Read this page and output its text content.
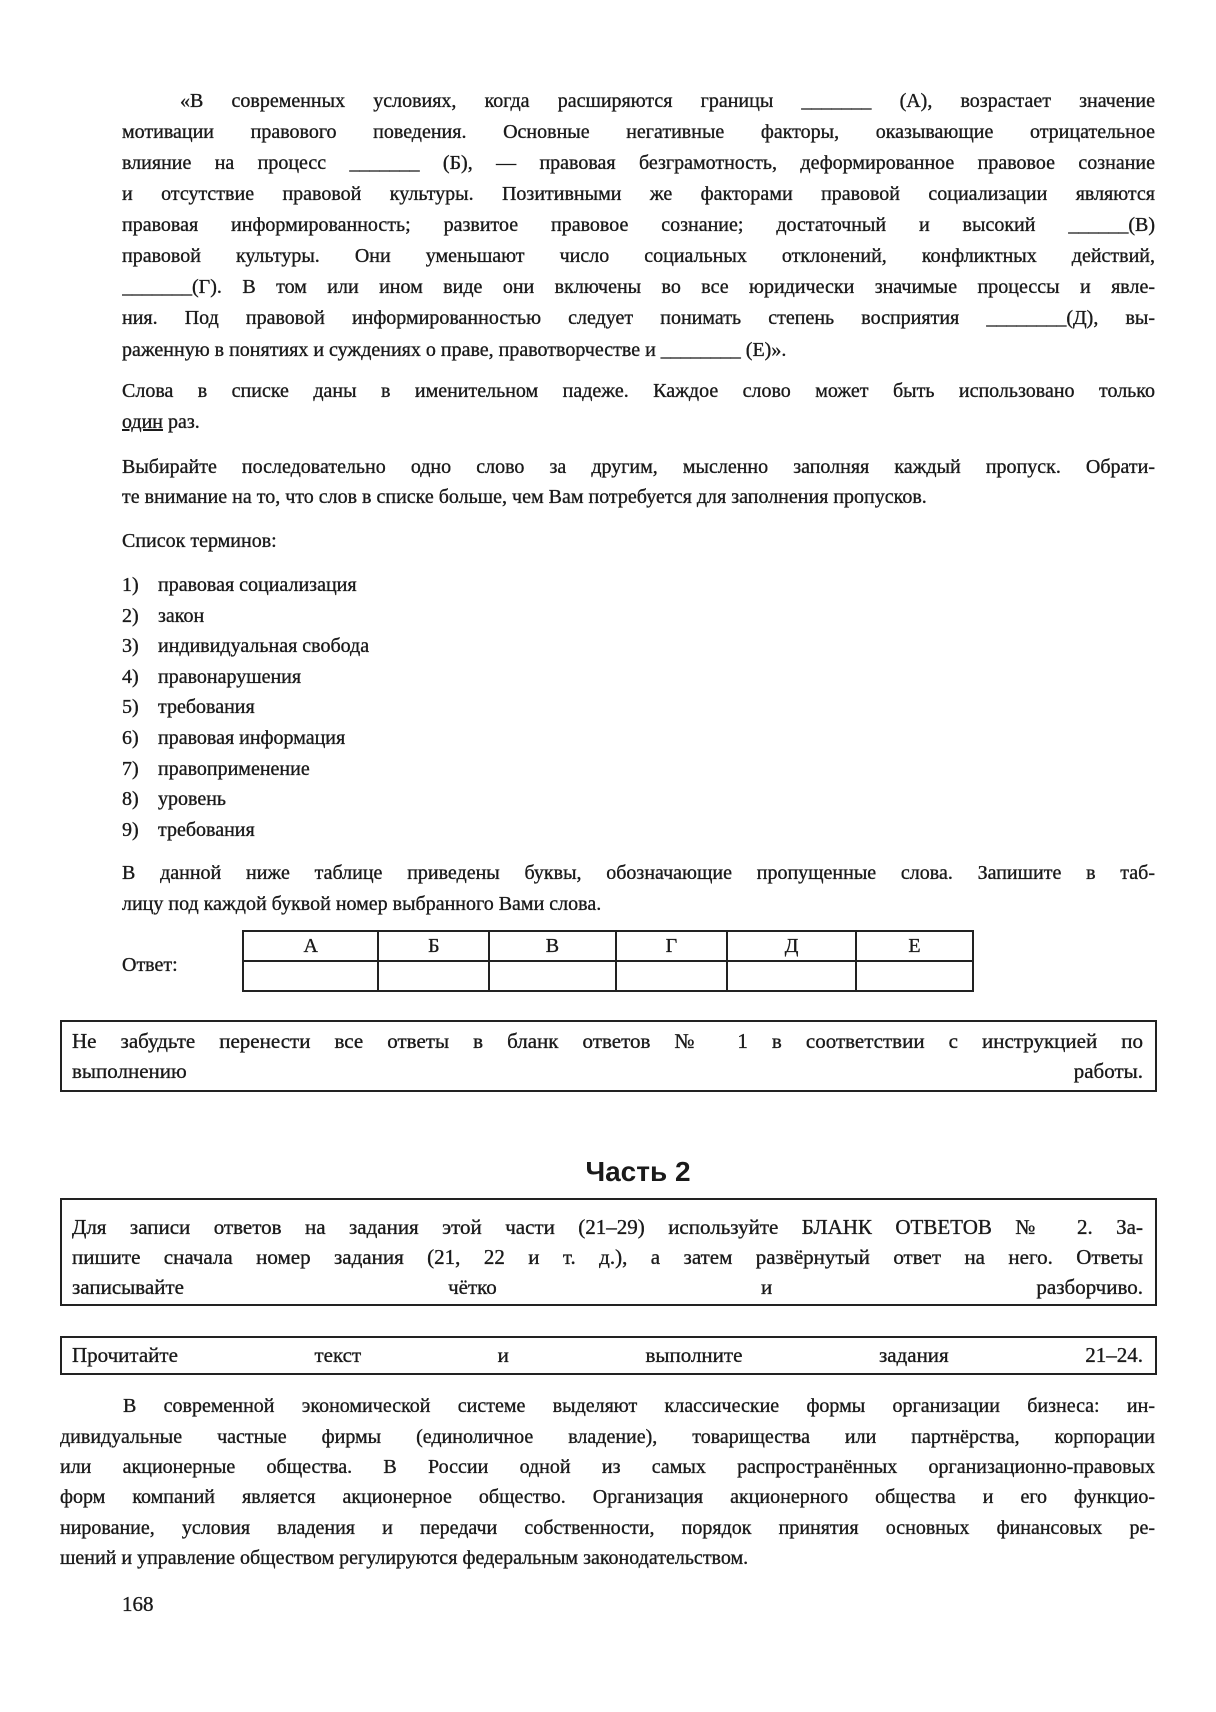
«В современных условиях, когда расширяются границы _______ (А), возрастает значение
мотивации правового поведения. Основные негативные факторы, оказывающие отрицательное
влияние на процесс _______ (Б), — правовая безграмотность, деформированное правовое сознание
и отсутствие правовой культуры. Позитивными же факторами правовой социализации являются
правовая информированность; развитое правовое сознание; достаточный и высокий ______(В)
правовой культуры. Они уменьшают число социальных отклонений, конфликтных действий,
_______(Г). В том или ином виде они включены во все юридически значимые процессы и явле-
ния. Под правовой информированностью следует понимать степень восприятия ________(Д), вы-
раженную в понятиях и суждениях о праве, правотворчестве и ________ (Е)».
Слова в списке даны в именительном падеже. Каждое слово может быть использовано только
один раз.
Выбирайте последовательно одно слово за другим, мысленно заполняя каждый пропуск. Обрати-
те внимание на то, что слов в списке больше, чем Вам потребуется для заполнения пропусков.
Список терминов:
1) правовая социализация
2) закон
3) индивидуальная свобода
4) правонарушения
5) требования
6) правовая информация
7) правоприменение
8) уровень
9) требования
В данной ниже таблице приведены буквы, обозначающие пропущенные слова. Запишите в таб-
лицу под каждой буквой номер выбранного Вами слова.
Ответ:
А	Б	В	Г	Д	Е

Не забудьте перенести все ответы в бланк ответов № 1 в соответствии с инструкцией по
выполнению работы.
Часть 2
Для записи ответов на задания этой части (21–29) используйте БЛАНК ОТВЕТОВ № 2. За-
пишите сначала номер задания (21, 22 и т. д.), а затем развёрнутый ответ на него. Ответы
записывайте чётко и разборчиво.
Прочитайте текст и выполните задания 21–24.
В современной экономической системе выделяют классические формы организации бизнеса: ин-
дивидуальные частные фирмы (единоличное владение), товарищества или партнёрства, корпорации
или акционерные общества. В России одной из самых распространённых организационно-правовых
форм компаний является акционерное общество. Организация акционерного общества и его функцио-
нирование, условия владения и передачи собственности, порядок принятия основных финансовых ре-
шений и управление обществом регулируются федеральным законодательством.
168
